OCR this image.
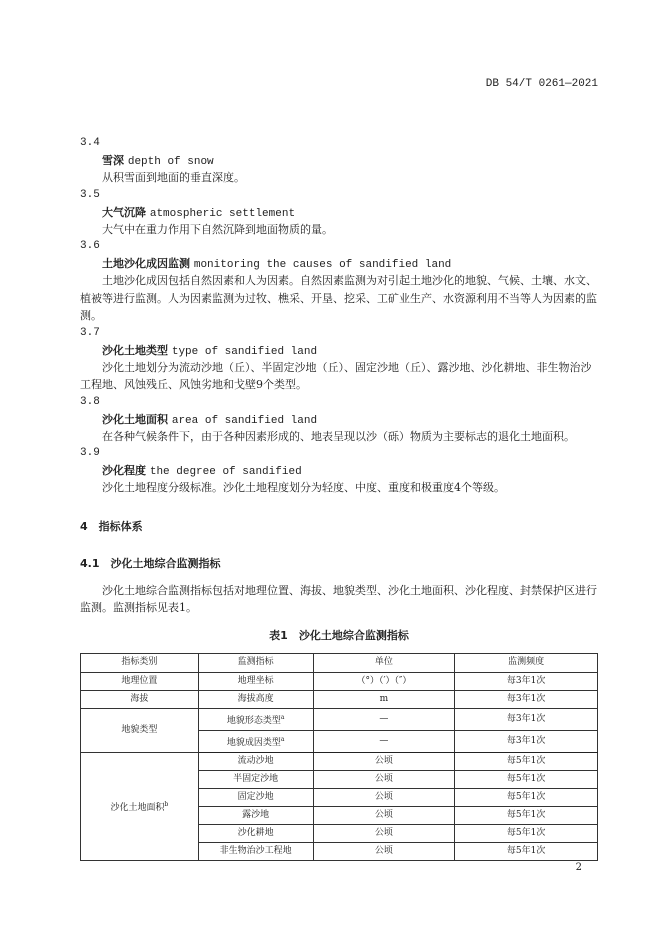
DB 54/T 0261—2021
3.4
雪深 depth of snow

从积雪面到地面的垂直深度。

3.5
大气沉降 atmospheric settlement

大气中在重力作用下自然沉降到地面物质的量。

3.6
土地沙化成因监测 monitoring the causes of sandified land

土地沙化成因包括自然因素和人为因素。自然因素监测为对引起土地沙化的地貌、气候、土壤、水文、植被等进行监测。人为因素监测为过牧、樵采、开垦、挖采、工矿业生产、水资源利用不当等人为因素的监测。

3.7
沙化土地类型 type of sandified land

沙化土地划分为流动沙地（丘）、半固定沙地（丘）、固定沙地（丘）、露沙地、沙化耕地、非生物治沙工程地、风蚀残丘、风蚀劣地和戈壁9个类型。

3.8
沙化土地面积 area of sandified land

在各种气候条件下，由于各种因素形成的、地表呈现以沙（砾）物质为主要标志的退化土地面积。

3.9
沙化程度 the degree of sandified

沙化土地程度分级标准。沙化土地程度划分为轻度、中度、重度和极重度4个等级。

4　指标体系
4.1　沙化土地综合监测指标

沙化土地综合监测指标包括对地理位置、海拔、地貌类型、沙化土地面积、沙化程度、封禁保护区进行监测。监测指标见表1。

表1　沙化土地综合监测指标
指标类别	监测指标	单位	监测频度
地理位置	地理坐标	（°）（′）（″）	每3年1次
海拔	海拔高度	m	每3年1次
地貌类型	地貌形态类型$^a$	—	每3年1次
	地貌成因类型$^a$	—	每3年1次
沙化土地面积$^b$	流动沙地	公顷	每5年1次
	半固定沙地	公顷	每5年1次
	固定沙地	公顷	每5年1次
	露沙地	公顷	每5年1次
	沙化耕地	公顷	每5年1次
	非生物治沙工程地	公顷	每5年1次
2
